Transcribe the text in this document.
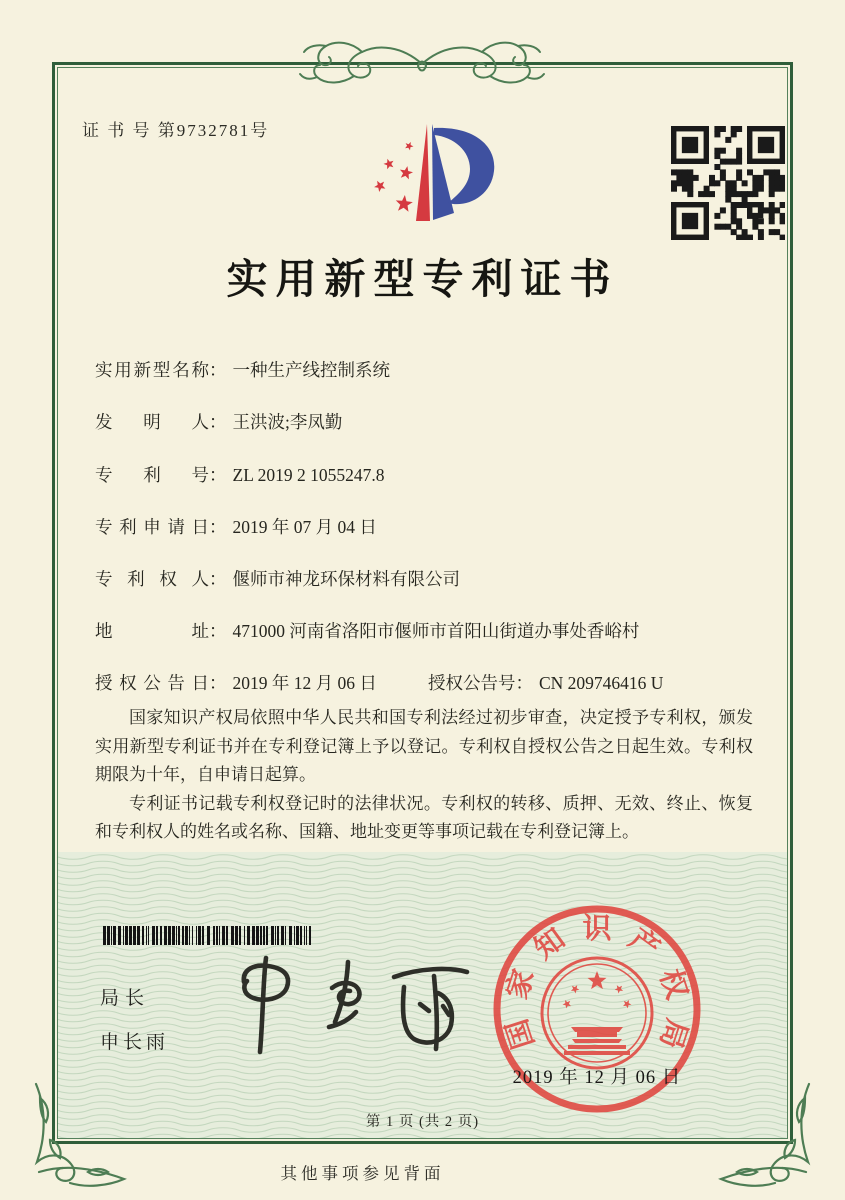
证 书 号 第9732781号
实用新型专利证书
实用新型名称： 一种生产线控制系统
发明人： 王洪波;李凤勤
专利号： ZL 2019 2 1055247.8
专利申请日： 2019 年 07 月 04 日
专利权人： 偃师市神龙环保材料有限公司
地址： 471000 河南省洛阳市偃师市首阳山街道办事处香峪村
授权公告日： 2019 年 12 月 06 日	授权公告号： CN 209746416 U

国家知识产权局依照中华人民共和国专利法经过初步审查，决定授予专利权，颁发实用新型专利证书并在专利登记簿上予以登记。专利权自授权公告之日起生效。专利权期限为十年，自申请日起算。

专利证书记载专利权登记时的法律状况。专利权的转移、质押、无效、终止、恢复和专利权人的姓名或名称、国籍、地址变更等事项记载在专利登记簿上。

局长
申长雨	国
家
知 识 产
权
局
2019 年 12 月 06 日
第 1 页 (共 2 页)
其他事项参见背面
